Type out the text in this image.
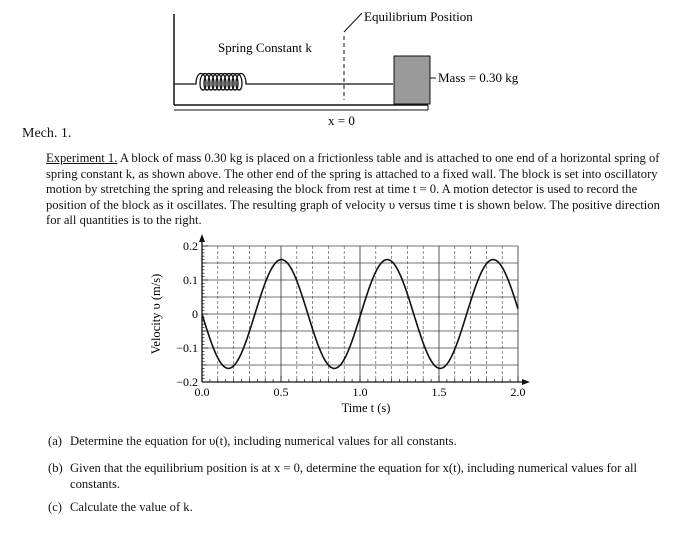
Equilibrium Position
Spring Constant k
Mass = 0.30 kg
x = 0
Mech. 1.
Experiment 1. A block of mass 0.30 kg is placed on a frictionless table and is attached to one end of a horizontal spring of spring constant k, as shown above. The other end of the spring is attached to a fixed wall. The block is set into oscillatory motion by stretching the spring and releasing the block from rest at time t = 0. A motion detector is used to record the position of the block as it oscillates. The resulting graph of velocity υ versus time t is shown below. The positive direction for all quantities is to the right.
0.0	0.5	1.0	1.5	2.0
0.2
0.1
0
−0.1
−0.2
Time t (s)
Velocity υ (m/s)
(a) Determine the equation for υ(t), including numerical values for all constants.
(b) Given that the equilibrium position is at x = 0, determine the equation for x(t), including numerical values for all constants.
(c) Calculate the value of k.
